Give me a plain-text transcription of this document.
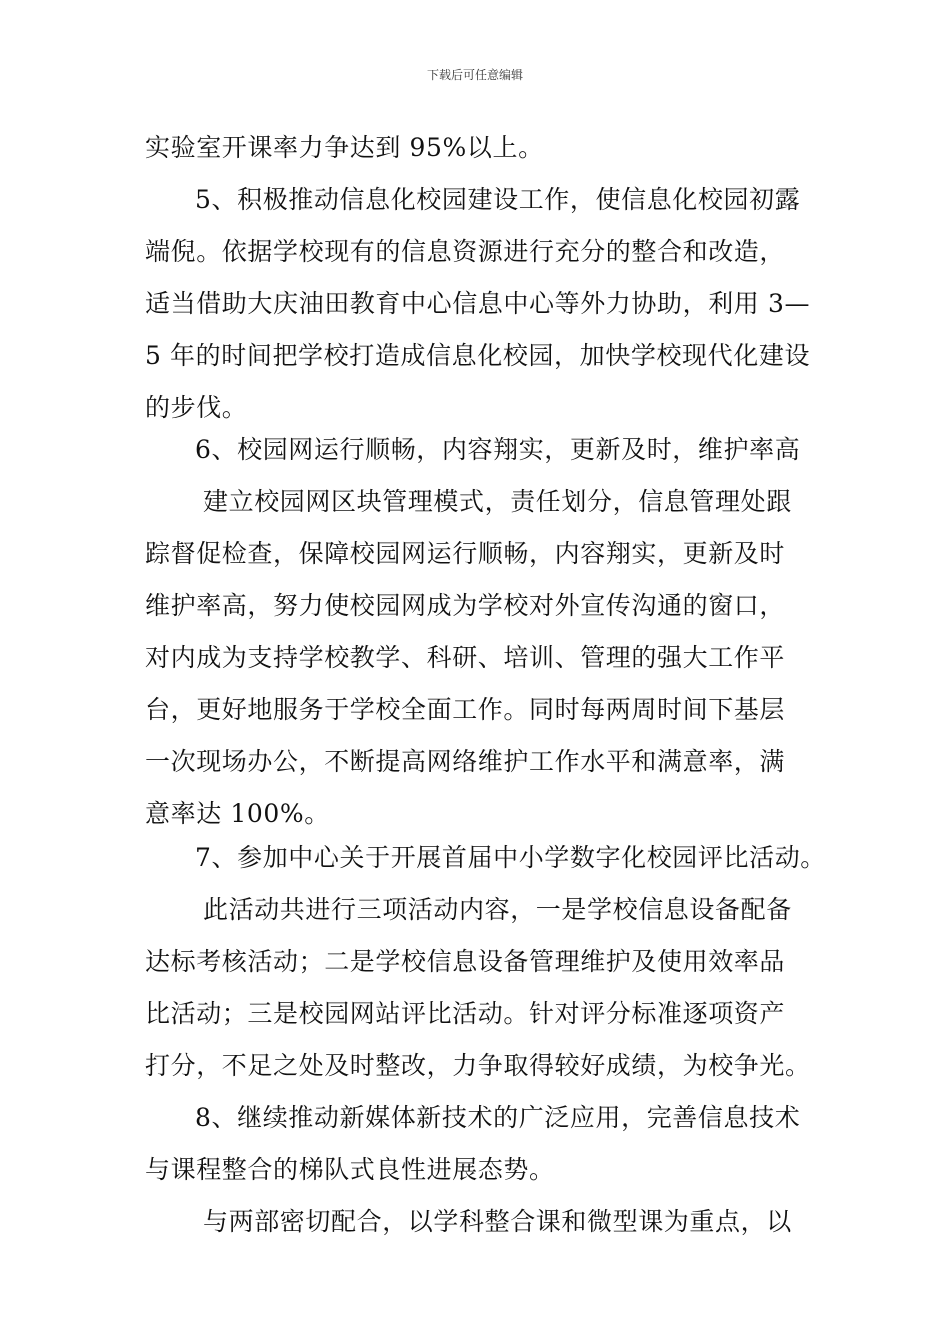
下载后可任意编辑
实验室开课率力争达到 95%以上。
5、积极推动信息化校园建设工作，使信息化校园初露
端倪。依据学校现有的信息资源进行充分的整合和改造，
适当借助大庆油田教育中心信息中心等外力协助，利用 3—
5 年的时间把学校打造成信息化校园，加快学校现代化建设
的步伐。
6、校园网运行顺畅，内容翔实，更新及时，维护率高
建立校园网区块管理模式，责任划分，信息管理处跟
踪督促检查，保障校园网运行顺畅，内容翔实，更新及时
维护率高，努力使校园网成为学校对外宣传沟通的窗口，
对内成为支持学校教学、科研、培训、管理的强大工作平
台，更好地服务于学校全面工作。同时每两周时间下基层
一次现场办公，不断提高网络维护工作水平和满意率，满
意率达 100%。
7、参加中心关于开展首届中小学数字化校园评比活动。
此活动共进行三项活动内容，一是学校信息设备配备
达标考核活动；二是学校信息设备管理维护及使用效率品
比活动；三是校园网站评比活动。针对评分标准逐项资产
打分，不足之处及时整改，力争取得较好成绩，为校争光。
8、继续推动新媒体新技术的广泛应用，完善信息技术
与课程整合的梯队式良性进展态势。
与两部密切配合，以学科整合课和微型课为重点，以
